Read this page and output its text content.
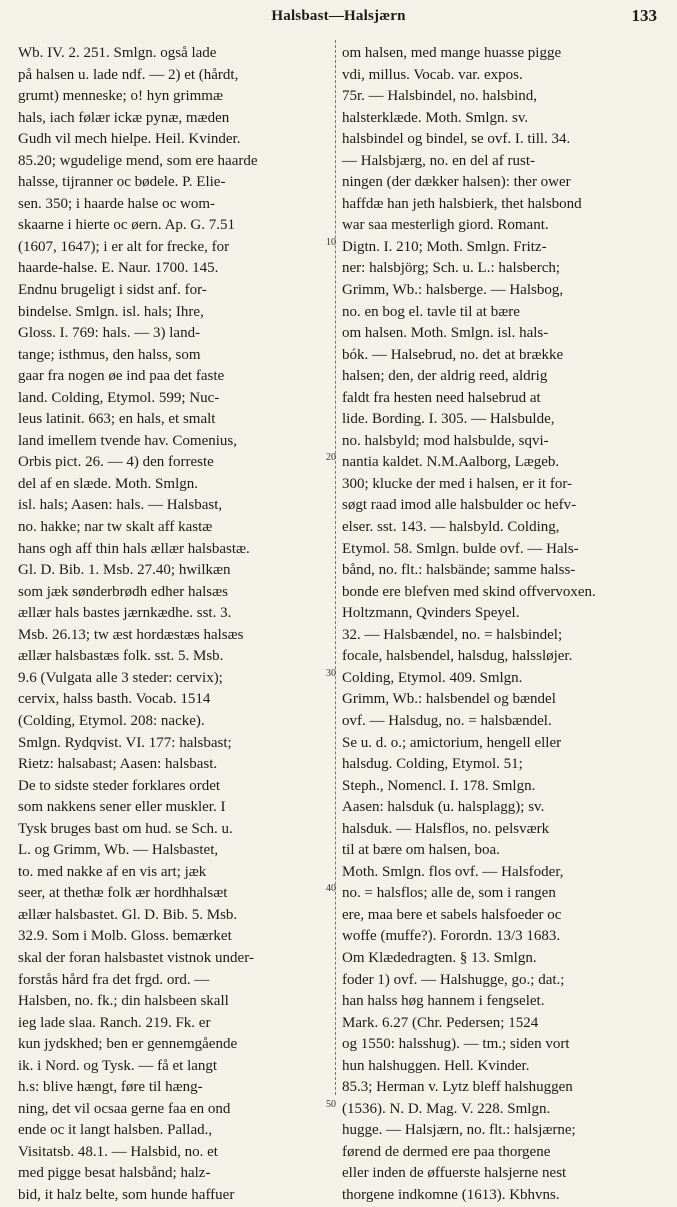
Halsbast—Halsjærn	133
10
20
30
40
50
Wb. IV. 2. 251. Smlgn. også lade
på halsen u. lade ndf. — 2) et (hårdt,
grumt) menneske; o! hyn grimmæ
hals, iach følær ickæ pynæ, mæden
Gudh vil mech hielpe. Heil. Kvinder.
85.20; wgudelige mend, som ere haarde
halsse, tijranner oc bødele. P. Elie-
sen. 350; i haarde halse oc wom-
skaarne i hierte oc øern. Ap. G. 7.51
(1607, 1647); i er alt for frecke, for
haarde-halse. E. Naur. 1700. 145.
Endnu brugeligt i sidst anf. for-
bindelse. Smlgn. isl. hals; Ihre,
Gloss. I. 769: hals. — 3) land-
tange; isthmus, den halss, som
gaar fra nogen øe ind paa det faste
land. Colding, Etymol. 599; Nuc-
leus latinit. 663; en hals, et smalt
land imellem tvende hav. Comenius,
Orbis pict. 26. — 4) den forreste
del af en slæde. Moth. Smlgn.
isl. hals; Aasen: hals. — Halsbast,
no. hakke; nar tw skalt aff kastæ
hans ogh aff thin hals ællær halsbastæ.
Gl. D. Bib. 1. Msb. 27.40; hwilkæn
som jæk sønderbrødh edher halsæs
ællær hals bastes jærnkædhe. sst. 3.
Msb. 26.13; tw æst hordæstæs halsæs
ællær halsbastæs folk. sst. 5. Msb.
9.6 (Vulgata alle 3 steder: cervix);
cervix, halss basth. Vocab. 1514
(Colding, Etymol. 208: nacke).
Smlgn. Rydqvist. VI. 177: halsbast;
Rietz: halsabast; Aasen: halsbast.
De to sidste steder forklares ordet
som nakkens sener eller muskler. I
Tysk bruges bast om hud. se Sch. u.
L. og Grimm, Wb. — Halsbastet,
to. med nakke af en vis art; jæk
seer, at thethæ folk ær hordhhalsæt
ællær halsbastet. Gl. D. Bib. 5. Msb.
32.9. Som i Molb. Gloss. bemærket
skal der foran halsbastet vistnok under-
forstås hård fra det frgd. ord. —
Halsben, no. fk.; din halsbeen skall
ieg lade slaa. Ranch. 219. Fk. er
kun jydskhed; ben er gennemgående
ik. i Nord. og Tysk. — få et langt
h.s: blive hængt, føre til hæng-
ning, det vil ocsaa gerne faa en ond
ende oc it langt halsben. Pallad.,
Visitatsb. 48.1. — Halsbid, no. et
med pigge besat halsbånd; halz-
bid, it halz belte, som hunde haffuer
om halsen, med mange huasse pigge
vdi, millus. Vocab. var. expos.
75r. — Halsbindel, no. halsbind,
halsterklæde. Moth. Smlgn. sv.
halsbindel og bindel, se ovf. I. till. 34.
— Halsbjærg, no. en del af rust-
ningen (der dækker halsen): ther ower
haffdæ han jeth halsbierk, thet halsbond
war saa mesterligh giord. Romant.
Digtn. I. 210; Moth. Smlgn. Fritz-
ner: halsbjörg; Sch. u. L.: halsberch;
Grimm, Wb.: halsberge. — Halsbog,
no. en bog el. tavle til at bære
om halsen. Moth. Smlgn. isl. hals-
bók. — Halsebrud, no. det at brække
halsen; den, der aldrig reed, aldrig
faldt fra hesten need halsebrud at
lide. Bording. I. 305. — Halsbulde,
no. halsbyld; mod halsbulde, sqvi-
nantia kaldet. N.M.Aalborg, Lægeb.
300; klucke der med i halsen, er it for-
søgt raad imod alle halsbulder oc hefv-
elser. sst. 143. — halsbyld. Colding,
Etymol. 58. Smlgn. bulde ovf. — Hals-
bånd, no. flt.: halsbände; samme halss-
bonde ere blefven med skind offvervoxen.
Holtzmann, Qvinders Speyel.
32. — Halsbændel, no. = halsbindel;
focale, halsbendel, halsdug, halssløjer.
Colding, Etymol. 409. Smlgn.
Grimm, Wb.: halsbendel og bændel
ovf. — Halsdug, no. = halsbændel.
Se u. d. o.; amictorium, hengell eller
halsdug. Colding, Etymol. 51;
Steph., Nomencl. I. 178. Smlgn.
Aasen: halsduk (u. halsplagg); sv.
halsduk. — Halsflos, no. pelsværk
til at bære om halsen, boa.
Moth. Smlgn. flos ovf. — Halsfoder,
no. = halsflos; alle de, som i rangen
ere, maa bere et sabels halsfoeder oc
woffe (muffe?). Forordn. 13/3 1683.
Om Klædedragten. § 13. Smlgn.
foder 1) ovf. — Halshugge, go.; dat.;
han halss høg hannem i fengselet.
Mark. 6.27 (Chr. Pedersen; 1524
og 1550: halsshug). — tm.; siden vort
hun halshuggen. Hell. Kvinder.
85.3; Herman v. Lytz bleff halshuggen
(1536). N. D. Mag. V. 228. Smlgn.
hugge. — Halsjærn, no. flt.: halsjærne;
førend de dermed ere paa thorgene
eller inden de øffuerste halsjerne nest
thorgene indkomne (1613). Kbhvns.
